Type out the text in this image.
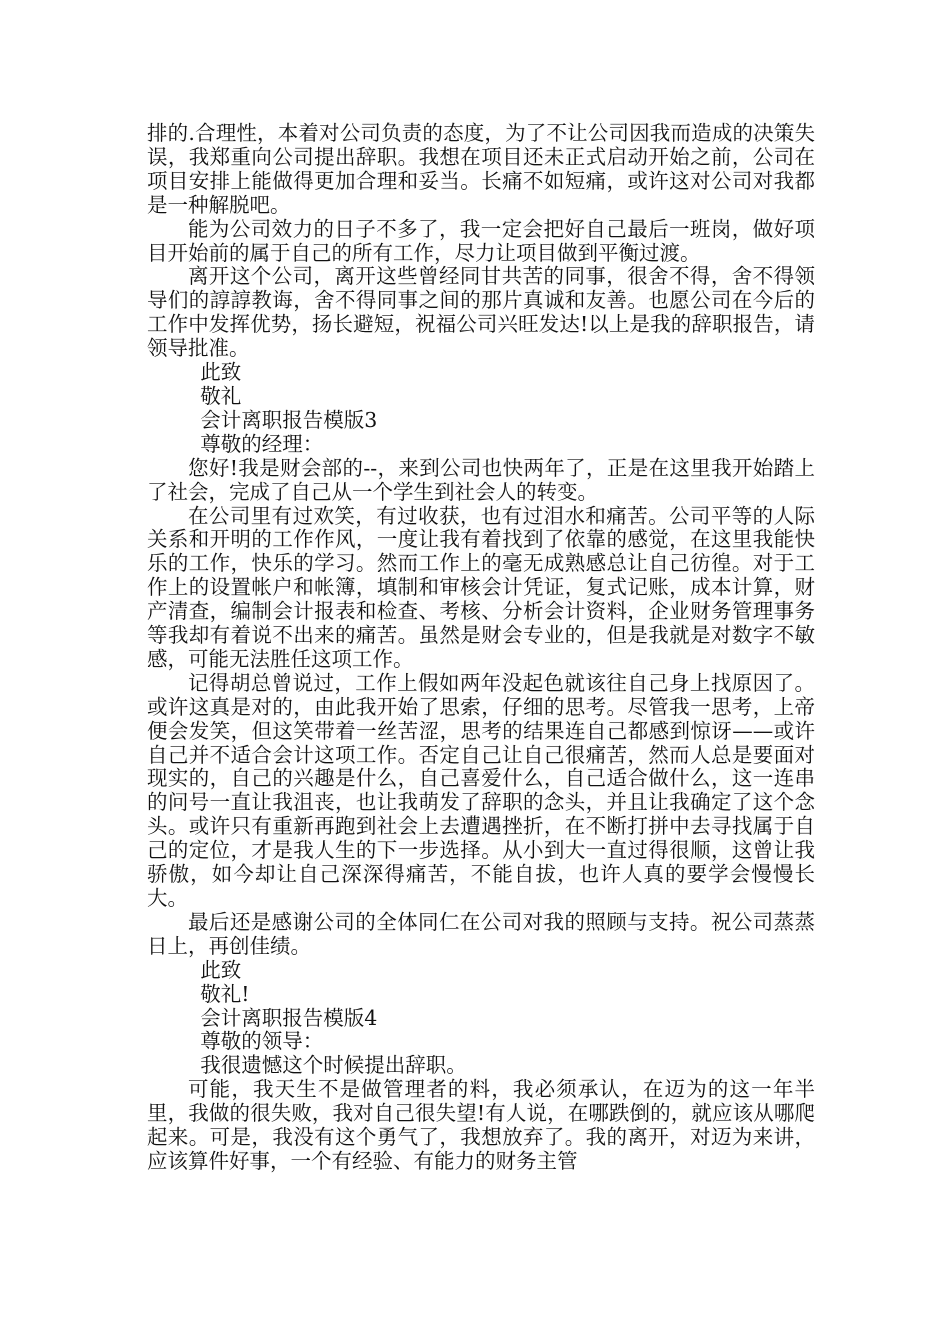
排的.合理性，本着对公司负责的态度，为了不让公司因我而造成的决策失误，我郑重向公司提出辞职。我想在项目还未正式启动开始之前，公司在项目安排上能做得更加合理和妥当。长痛不如短痛，或许这对公司对我都是一种解脱吧。

能为公司效力的日子不多了，我一定会把好自己最后一班岗，做好项目开始前的属于自己的所有工作，尽力让项目做到平衡过渡。

离开这个公司，离开这些曾经同甘共苦的同事，很舍不得，舍不得领导们的諄諄教诲，舍不得同事之间的那片真诚和友善。也愿公司在今后的工作中发挥优势，扬长避短，祝福公司兴旺发达!以上是我的辞职报告，请领导批准。

此致

敬礼

会计离职报告模版3

尊敬的经理：

您好!我是财会部的--，来到公司也快两年了，正是在这里我开始踏上了社会，完成了自己从一个学生到社会人的转变。

在公司里有过欢笑，有过收获，也有过泪水和痛苦。公司平等的人际关系和开明的工作作风，一度让我有着找到了依靠的感觉，在这里我能快乐的工作，快乐的学习。然而工作上的毫无成熟感总让自己彷徨。对于工作上的设置帐户和帐簿，填制和审核会计凭证，复式记账，成本计算，财产清查，编制会计报表和检查、考核、分析会计资料，企业财务管理事务等我却有着说不出来的痛苦。虽然是财会专业的，但是我就是对数字不敏感，可能无法胜任这项工作。

记得胡总曾说过，工作上假如两年没起色就该往自己身上找原因了。或许这真是对的，由此我开始了思索，仔细的思考。尽管我一思考，上帝便会发笑，但这笑带着一丝苦涩，思考的结果连自己都感到惊讶——或许自己并不适合会计这项工作。否定自己让自己很痛苦，然而人总是要面对现实的，自己的兴趣是什么，自己喜爱什么，自己适合做什么，这一连串的问号一直让我沮丧，也让我萌发了辞职的念头，并且让我确定了这个念头。或许只有重新再跑到社会上去遭遇挫折，在不断打拼中去寻找属于自己的定位，才是我人生的下一步选择。从小到大一直过得很顺，这曾让我骄傲，如今却让自己深深得痛苦，不能自拔，也许人真的要学会慢慢长大。

最后还是感谢公司的全体同仁在公司对我的照顾与支持。祝公司蒸蒸日上，再创佳绩。

此致

敬礼!

会计离职报告模版4

尊敬的领导：

我很遗憾这个时候提出辞职。

可能，我天生不是做管理者的料，我必须承认，在迈为的这一年半里，我做的很失败，我对自己很失望!有人说，在哪跌倒的，就应该从哪爬起来。可是，我没有这个勇气了，我想放弃了。我的离开，对迈为来讲，应该算件好事，一个有经验、有能力的财务主管
